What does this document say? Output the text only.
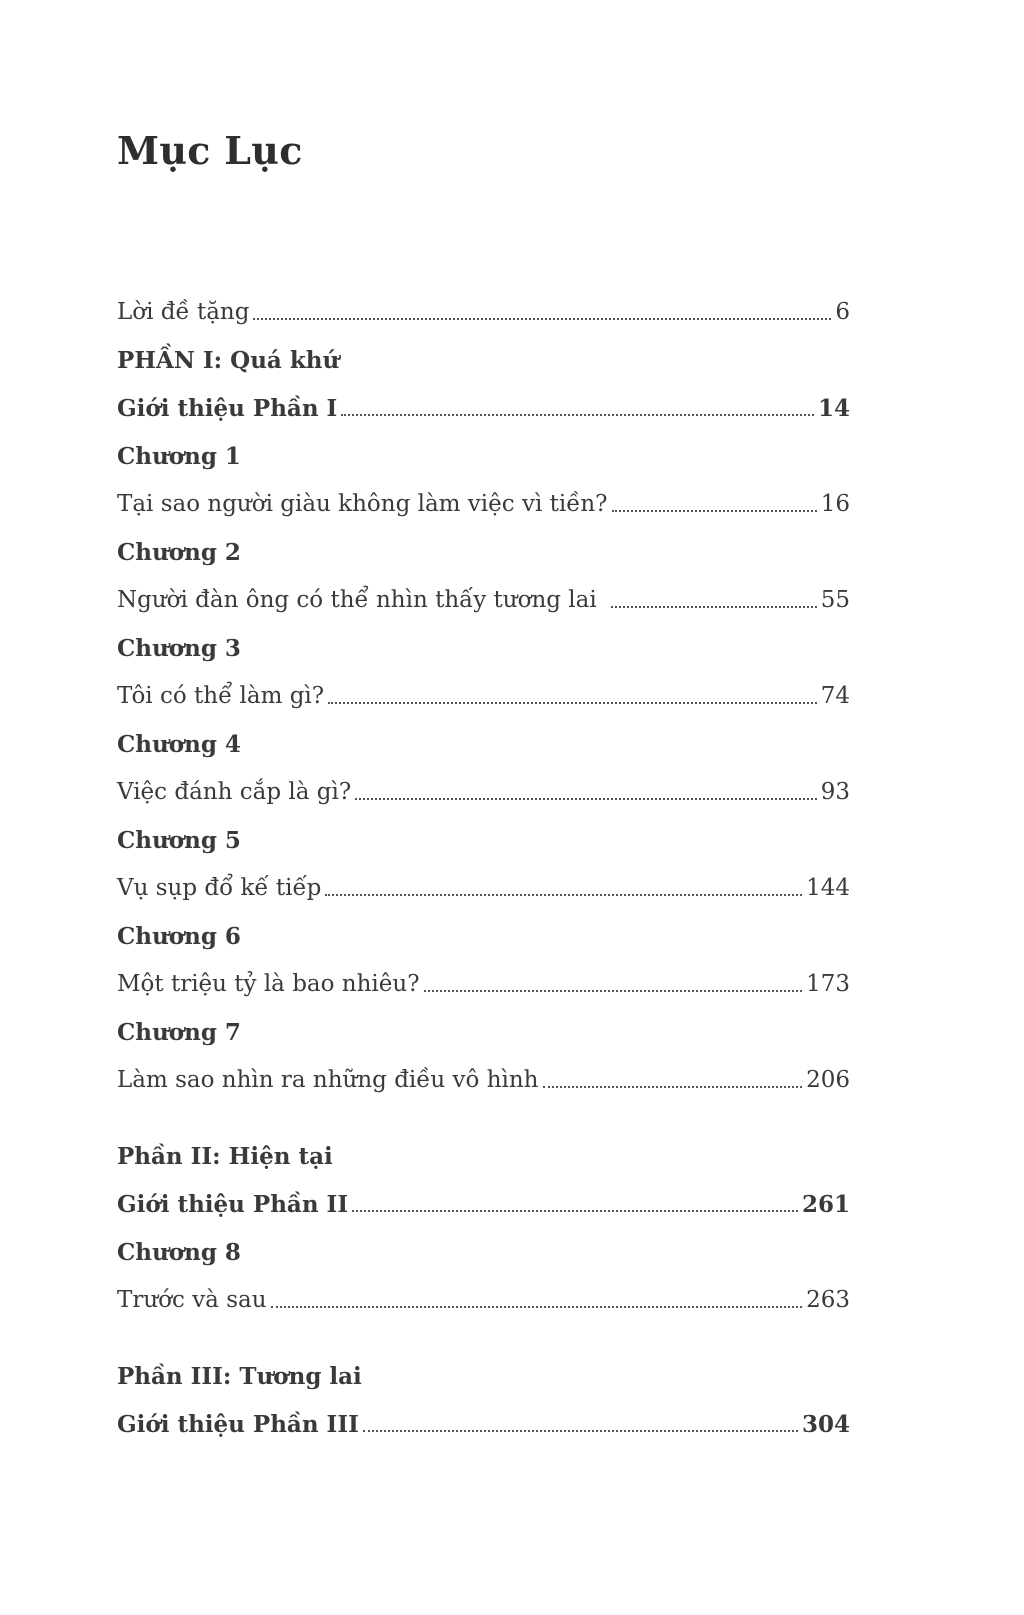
Mục Lục
Lời đề tặng	6
PHẦN I: Quá khứ
Giới thiệu Phần I	14
Chương 1
Tại sao người giàu không làm việc vì tiền?	16
Chương 2
Người đàn ông có thể nhìn thấy tương lai	55
Chương 3
Tôi có thể làm gì?	74
Chương 4
Việc đánh cắp là gì?	93
Chương 5
Vụ sụp đổ kế tiếp	144
Chương 6
Một triệu tỷ là bao nhiêu?	173
Chương 7
Làm sao nhìn ra những điều vô hình	206
Phần II: Hiện tại
Giới thiệu Phần II	261
Chương 8
Trước và sau	263
Phần III: Tương lai
Giới thiệu Phần III	304
